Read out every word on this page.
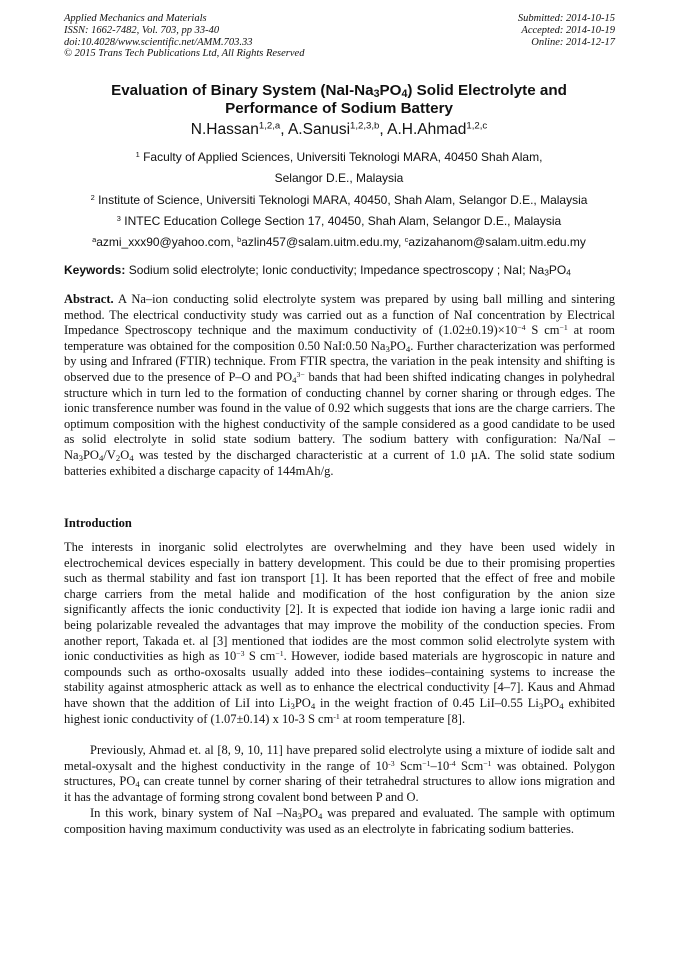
Applied Mechanics and Materials
ISSN: 1662-7482, Vol. 703, pp 33-40
doi:10.4028/www.scientific.net/AMM.703.33
© 2015 Trans Tech Publications Ltd, All Rights Reserved
Submitted: 2014-10-15
Accepted: 2014-10-19
Online: 2014-12-17
Evaluation of Binary System $(NaI-Na_3PO_4)$ Solid Electrolyte and
Performance of Sodium Battery
N.Hassan$^{1,2,a}$, A.Sanusi$^{1,2,3,b}$, A.H.Ahmad$^{1,2,c}$
$^1$ Faculty of Applied Sciences, Universiti Teknologi MARA, 40450 Shah Alam,
Selangor D.E., Malaysia
$^2$ Institute of Science, Universiti Teknologi MARA, 40450, Shah Alam, Selangor D.E., Malaysia
$^3$ INTEC Education College Section 17, 40450, Shah Alam, Selangor D.E., Malaysia
$^a$azmi_xxx90@yahoo.com, $^b$azlin457@salam.uitm.edu.my, $^c$azizahanom@salam.uitm.edu.my
Keywords: Sodium solid electrolyte; Ionic conductivity; Impedance spectroscopy ; NaI; $Na_3PO_4$

Abstract. A Na–ion conducting solid electrolyte system was prepared by using ball milling and sintering method. The electrical conductivity study was carried out as a function of NaI concentration by Electrical Impedance Spectroscopy technique and the maximum conductivity of $(1.02\pm 0.19)\times 10^{-4}$ S $cm^{-1}$ at room temperature was obtained for the composition 0.50 NaI:0.50 $Na_3PO_4$. Further characterization was performed by using and Infrared (FTIR) technique. From FTIR spectra, the variation in the peak intensity and shifting is observed due to the presence of P–O and $PO_4^{3-}$ bands that had been shifted indicating changes in polyhedral structure which in turn led to the formation of conducting channel by corner sharing or through edges. The ionic transference number was found in the value of 0.92 which suggests that ions are the charge carriers. The optimum composition with the highest conductivity of the sample considered as a good candidate to be used as solid electrolyte in solid state sodium battery. The sodium battery with configuration: Na/NaI $-Na_3PO_4/V_2O_4$ was tested by the discharged characteristic at a current of 1.0 µA. The solid state sodium batteries exhibited a discharge capacity of 144mAh/g.

Introduction

The interests in inorganic solid electrolytes are overwhelming and they have been used widely in electrochemical devices especially in battery development. This could be due to their promising properties such as thermal stability and fast ion transport [1]. It has been reported that the effect of free and mobile charge carriers from the metal halide and modification of the host configuration by the anion size significantly affects the ionic conductivity [2]. It is expected that iodide ion having a large ionic radii and being polarizable revealed the advantages that may improve the mobility of the conduction species. From another report, Takada et. al [3] mentioned that iodides are the most common solid electrolyte system with ionic conductivities as high as $10^{-3}$ S $cm^{-1}$. However, iodide based materials are hygroscopic in nature and compounds such as ortho-oxosalts usually added into these iodides–containing systems to increase the stability against atmospheric attack as well as to enhance the electrical conductivity [4–7]. Kaus and Ahmad have shown that the addition of LiI into $Li_3PO_4$ in the weight fraction of 0.45 LiI–0.55 $Li_3PO_4$ exhibited highest ionic conductivity of (1.07±0.14) x 10-3 S $cm^{-1}$ at room temperature [8].

Previously, Ahmad et. al [8, 9, 10, 11] have prepared solid electrolyte using a mixture of iodide salt and metal-oxysalt and the highest conductivity in the range of $10^{-3}$ $Scm^{-1}-10^{-4}$ Scm$^{-1}$ was obtained. Polygon structures, $PO_4$ can create tunnel by corner sharing of their tetrahedral structures to allow ions migration and it has the advantage of forming strong covalent bond between P and O.

In this work, binary system of NaI $-Na_3PO_4$ was prepared and evaluated. The sample with optimum composition having maximum conductivity was used as an electrolyte in fabricating sodium batteries.
